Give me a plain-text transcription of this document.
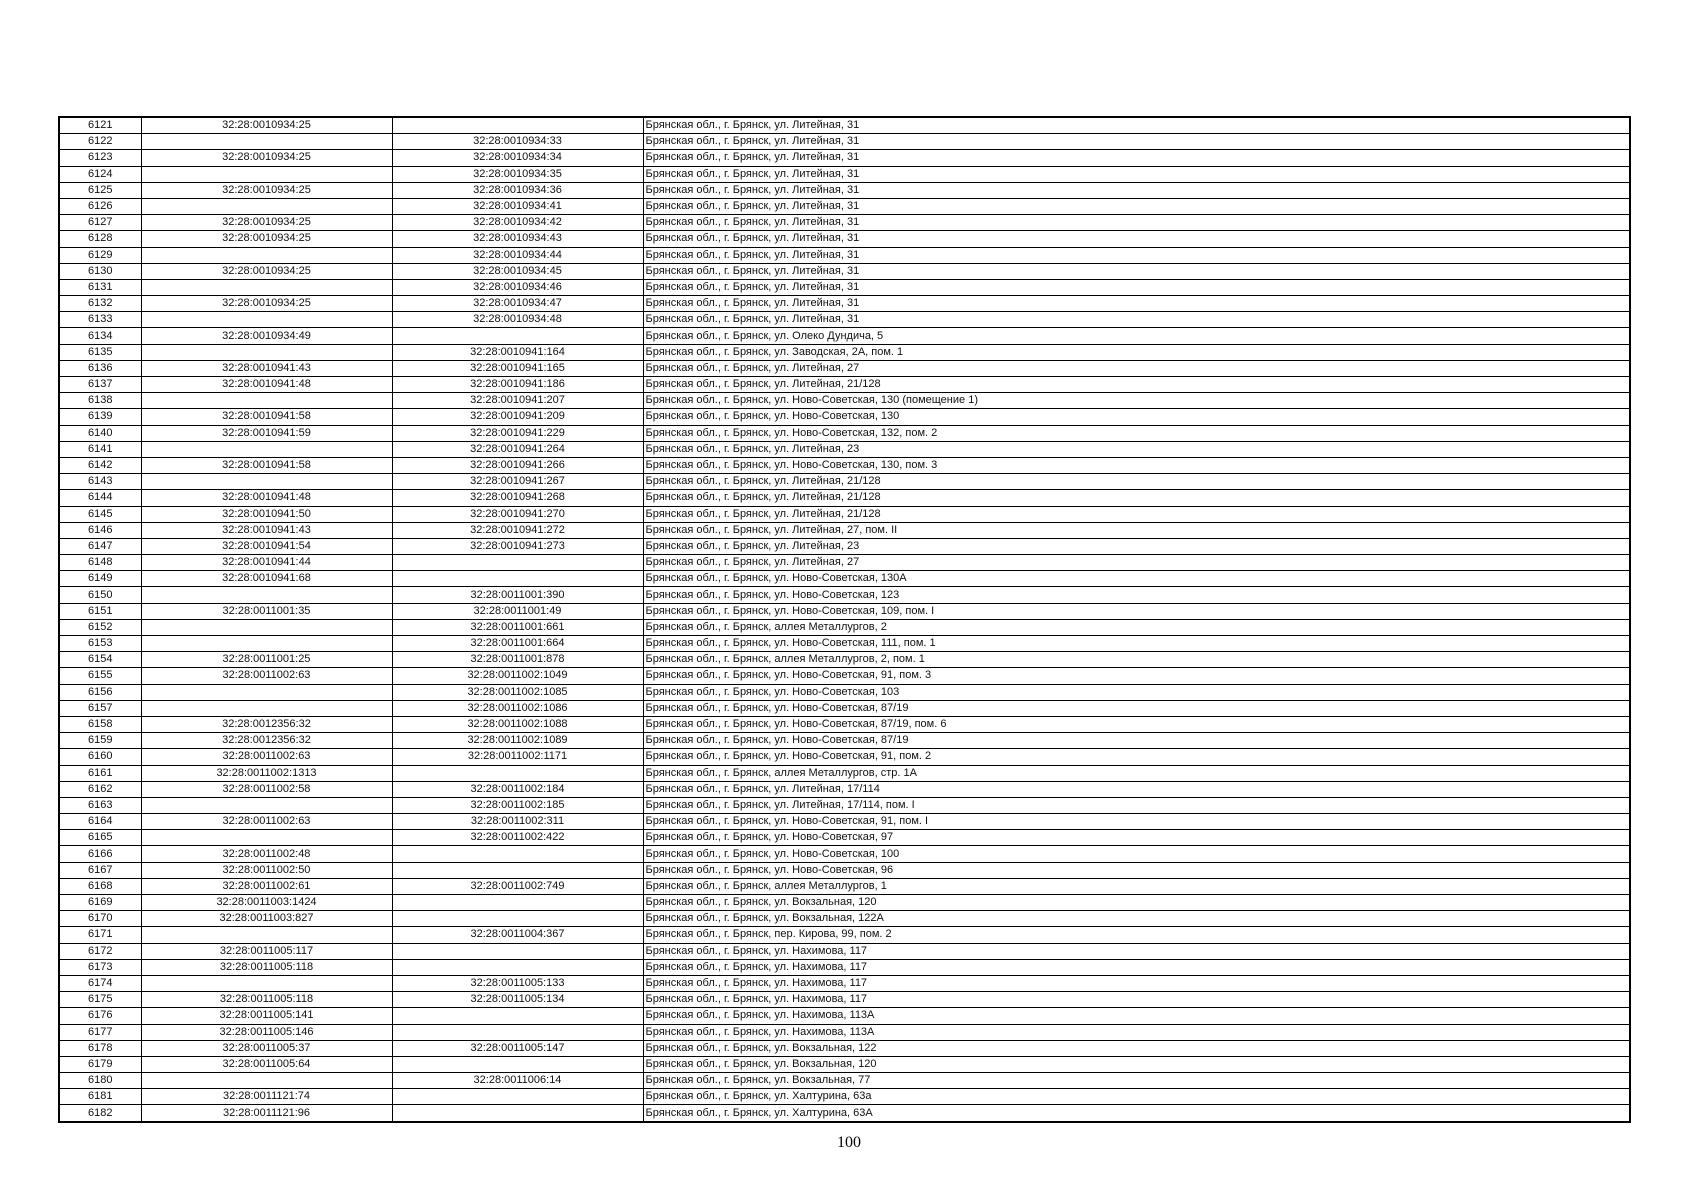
6121	32:28:0010934:25		Брянская обл., г. Брянск, ул. Литейная, 31
6122		32:28:0010934:33	Брянская обл., г. Брянск, ул. Литейная, 31
6123	32:28:0010934:25	32:28:0010934:34	Брянская обл., г. Брянск, ул. Литейная, 31
6124		32:28:0010934:35	Брянская обл., г. Брянск, ул. Литейная, 31
6125	32:28:0010934:25	32:28:0010934:36	Брянская обл., г. Брянск, ул. Литейная, 31
6126		32:28:0010934:41	Брянская обл., г. Брянск, ул. Литейная, 31
6127	32:28:0010934:25	32:28:0010934:42	Брянская обл., г. Брянск, ул. Литейная, 31
6128	32:28:0010934:25	32:28:0010934:43	Брянская обл., г. Брянск, ул. Литейная, 31
6129		32:28:0010934:44	Брянская обл., г. Брянск, ул. Литейная, 31
6130	32:28:0010934:25	32:28:0010934:45	Брянская обл., г. Брянск, ул. Литейная, 31
6131		32:28:0010934:46	Брянская обл., г. Брянск, ул. Литейная, 31
6132	32:28:0010934:25	32:28:0010934:47	Брянская обл., г. Брянск, ул. Литейная, 31
6133		32:28:0010934:48	Брянская обл., г. Брянск, ул. Литейная, 31
6134	32:28:0010934:49		Брянская обл., г. Брянск, ул. Олеко Дундича, 5
6135		32:28:0010941:164	Брянская обл., г. Брянск, ул. Заводская, 2А, пом. 1
6136	32:28:0010941:43	32:28:0010941:165	Брянская обл., г. Брянск, ул. Литейная, 27
6137	32:28:0010941:48	32:28:0010941:186	Брянская обл., г. Брянск, ул. Литейная, 21/128
6138		32:28:0010941:207	Брянская обл., г. Брянск, ул. Ново-Советская, 130 (помещение 1)
6139	32:28:0010941:58	32:28:0010941:209	Брянская обл., г. Брянск, ул. Ново-Советская, 130
6140	32:28:0010941:59	32:28:0010941:229	Брянская обл., г. Брянск, ул. Ново-Советская, 132, пом. 2
6141		32:28:0010941:264	Брянская обл., г. Брянск, ул. Литейная, 23
6142	32:28:0010941:58	32:28:0010941:266	Брянская обл., г. Брянск, ул. Ново-Советская, 130, пом. 3
6143		32:28:0010941:267	Брянская обл., г. Брянск, ул. Литейная, 21/128
6144	32:28:0010941:48	32:28:0010941:268	Брянская обл., г. Брянск, ул. Литейная, 21/128
6145	32:28:0010941:50	32:28:0010941:270	Брянская обл., г. Брянск, ул. Литейная, 21/128
6146	32:28:0010941:43	32:28:0010941:272	Брянская обл., г. Брянск, ул. Литейная, 27, пом. II
6147	32:28:0010941:54	32:28:0010941:273	Брянская обл., г. Брянск, ул. Литейная, 23
6148	32:28:0010941:44		Брянская обл., г. Брянск, ул. Литейная, 27
6149	32:28:0010941:68		Брянская обл., г. Брянск, ул. Ново-Советская, 130А
6150		32:28:0011001:390	Брянская обл., г. Брянск, ул. Ново-Советская, 123
6151	32:28:0011001:35	32:28:0011001:49	Брянская обл., г. Брянск, ул. Ново-Советская, 109, пом. I
6152		32:28:0011001:661	Брянская обл., г. Брянск, аллея Металлургов, 2
6153		32:28:0011001:664	Брянская обл., г. Брянск, ул. Ново-Советская, 111, пом. 1
6154	32:28:0011001:25	32:28:0011001:878	Брянская обл., г. Брянск, аллея Металлургов, 2, пом. 1
6155	32:28:0011002:63	32:28:0011002:1049	Брянская обл., г. Брянск, ул. Ново-Советская, 91, пом. 3
6156		32:28:0011002:1085	Брянская обл., г. Брянск, ул. Ново-Советская, 103
6157		32:28:0011002:1086	Брянская обл., г. Брянск, ул. Ново-Советская, 87/19
6158	32:28:0012356:32	32:28:0011002:1088	Брянская обл., г. Брянск, ул. Ново-Советская, 87/19, пом. 6
6159	32:28:0012356:32	32:28:0011002:1089	Брянская обл., г. Брянск, ул. Ново-Советская, 87/19
6160	32:28:0011002:63	32:28:0011002:1171	Брянская обл., г. Брянск, ул. Ново-Советская, 91, пом. 2
6161	32:28:0011002:1313		Брянская обл., г. Брянск, аллея Металлургов, стр. 1А
6162	32:28:0011002:58	32:28:0011002:184	Брянская обл., г. Брянск, ул. Литейная, 17/114
6163		32:28:0011002:185	Брянская обл., г. Брянск, ул. Литейная, 17/114, пом. I
6164	32:28:0011002:63	32:28:0011002:311	Брянская обл., г. Брянск, ул. Ново-Советская, 91, пом. I
6165		32:28:0011002:422	Брянская обл., г. Брянск, ул. Ново-Советская, 97
6166	32:28:0011002:48		Брянская обл., г. Брянск, ул. Ново-Советская, 100
6167	32:28:0011002:50		Брянская обл., г. Брянск, ул. Ново-Советская, 96
6168	32:28:0011002:61	32:28:0011002:749	Брянская обл., г. Брянск, аллея Металлургов, 1
6169	32:28:0011003:1424		Брянская обл., г. Брянск, ул. Вокзальная, 120
6170	32:28:0011003:827		Брянская обл., г. Брянск, ул. Вокзальная, 122А
6171		32:28:0011004:367	Брянская обл., г. Брянск, пер. Кирова, 99, пом. 2
6172	32:28:0011005:117		Брянская обл., г. Брянск, ул. Нахимова, 117
6173	32:28:0011005:118		Брянская обл., г. Брянск, ул. Нахимова, 117
6174		32:28:0011005:133	Брянская обл., г. Брянск, ул. Нахимова, 117
6175	32:28:0011005:118	32:28:0011005:134	Брянская обл., г. Брянск, ул. Нахимова, 117
6176	32:28:0011005:141		Брянская обл., г. Брянск, ул. Нахимова, 113А
6177	32:28:0011005:146		Брянская обл., г. Брянск, ул. Нахимова, 113А
6178	32:28:0011005:37	32:28:0011005:147	Брянская обл., г. Брянск, ул. Вокзальная, 122
6179	32:28:0011005:64		Брянская обл., г. Брянск, ул. Вокзальная, 120
6180		32:28:0011006:14	Брянская обл., г. Брянск, ул. Вокзальная, 77
6181	32:28:0011121:74		Брянская обл., г. Брянск, ул. Халтурина, 63а
6182	32:28:0011121:96		Брянская обл., г. Брянск, ул. Халтурина, 63А
100
